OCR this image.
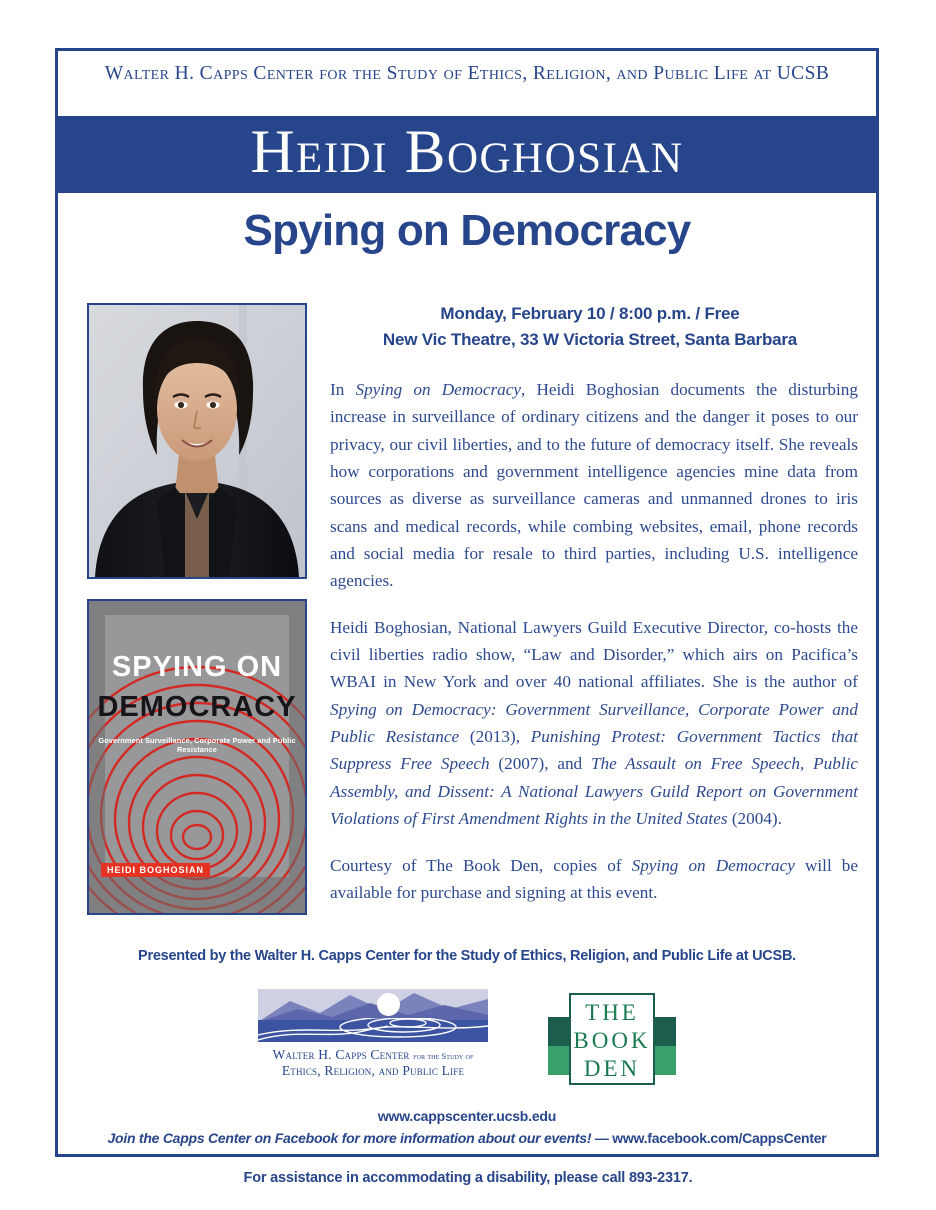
Walter H. Capps Center for the Study of Ethics, Religion, and Public Life at UCSB
Heidi Boghosian
Spying on Democracy
SPYING ON
DEMOCRACY
Government Surveillance, Corporate Power and Public Resistance
HEIDI BOGHOSIAN
Monday, February 10 / 8:00 p.m. / Free
New Vic Theatre, 33 W Victoria Street, Santa Barbara

In Spying on Democracy, Heidi Boghosian documents the disturbing increase in surveillance of ordinary citizens and the danger it poses to our privacy, our civil liberties, and to the future of democracy itself. She reveals how corporations and government intelligence agencies mine data from sources as diverse as surveillance cameras and unmanned drones to iris scans and medical records, while combing websites, email, phone records and social media for resale to third parties, including U.S. intelligence agencies.

Heidi Boghosian, National Lawyers Guild Executive Director, co-hosts the civil liberties radio show, “Law and Disorder,” which airs on Pacifica’s WBAI in New York and over 40 national affiliates. She is the author of Spying on Democracy: Government Surveillance, Corporate Power and Public Resistance (2013), Punishing Protest: Government Tactics that Suppress Free Speech (2007), and The Assault on Free Speech, Public Assembly, and Dissent: A National Lawyers Guild Report on Government Violations of First Amendment Rights in the United States (2004).

Courtesy of The Book Den, copies of Spying on Democracy will be available for purchase and signing at this event.

Presented by the Walter H. Capps Center for the Study of Ethics, Religion, and Public Life at UCSB.
Walter H. Capps Center for the Study of
Ethics, Religion, and Public Life
THE
BOOK
DEN
www.cappscenter.ucsb.edu
Join the Capps Center on Facebook for more information about our events! — www.facebook.com/CappsCenter
For assistance in accommodating a disability, please call 893-2317.
